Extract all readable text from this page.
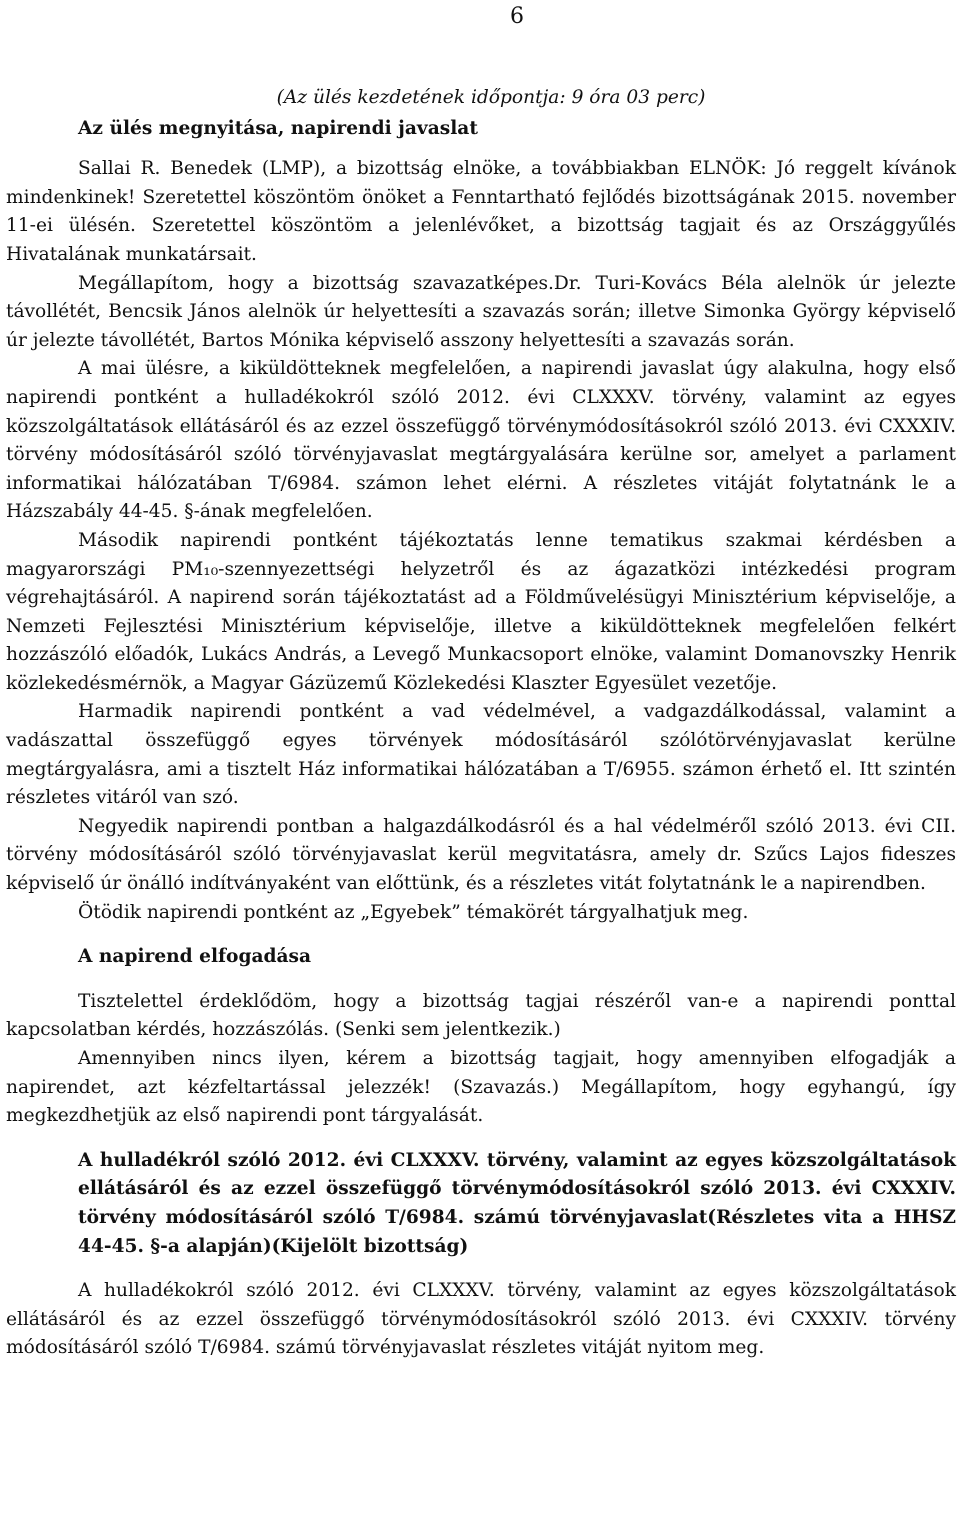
6

(Az ülés kezdetének időpontja: 9 óra 03 perc)

Az ülés megnyitása, napirendi javaslat

Sallai R. Benedek (LMP), a bizottság elnöke, a továbbiakban ELNÖK: Jó reggelt kívánok mindenkinek! Szeretettel köszöntöm önöket a Fenntartható fejlődés bizottságának 2015. november 11-ei ülésén. Szeretettel köszöntöm a jelenlévőket, a bizottság tagjait és az Országgyűlés Hivatalának munkatársait.

Megállapítom, hogy a bizottság szavazatképes.Dr. Turi-Kovács Béla alelnök úr jelezte távollétét, Bencsik János alelnök úr helyettesíti a szavazás során; illetve Simonka György képviselő úr jelezte távollétét, Bartos Mónika képviselő asszony helyettesíti a szavazás során.

A mai ülésre, a kiküldötteknek megfelelően, a napirendi javaslat úgy alakulna, hogy első napirendi pontként a hulladékokról szóló 2012. évi CLXXXV. törvény, valamint az egyes közszolgáltatások ellátásáról és az ezzel összefüggő törvénymódosításokról szóló 2013. évi CXXXIV. törvény módosításáról szóló törvényjavaslat megtárgyalására kerülne sor, amelyet a parlament informatikai hálózatában T/6984. számon lehet elérni. A részletes vitáját folytatnánk le a Házszabály 44-45. §-ának megfelelően.

Második napirendi pontként tájékoztatás lenne tematikus szakmai kérdésben a magyarországi PM₁₀-szennyezettségi helyzetről és az ágazatközi intézkedési program végrehajtásáról. A napirend során tájékoztatást ad a Földművelésügyi Minisztérium képviselője, a Nemzeti Fejlesztési Minisztérium képviselője, illetve a kiküldötteknek megfelelően felkért hozzászóló előadók, Lukács András, a Levegő Munkacsoport elnöke, valamint Domanovszky Henrik közlekedésmérnök, a Magyar Gázüzemű Közlekedési Klaszter Egyesület vezetője.

Harmadik napirendi pontként a vad védelmével, a vadgazdálkodással, valamint a vadászattal összefüggő egyes törvények módosításáról szólótörvényjavaslat kerülne megtárgyalásra, ami a tisztelt Ház informatikai hálózatában a T/6955. számon érhető el. Itt szintén részletes vitáról van szó.

Negyedik napirendi pontban a halgazdálkodásról és a hal védelméről szóló 2013. évi CII. törvény módosításáról szóló törvényjavaslat kerül megvitatásra, amely dr. Szűcs Lajos fideszes képviselő úr önálló indítványaként van előttünk, és a részletes vitát folytatnánk le a napirendben.

Ötödik napirendi pontként az „Egyebek” témakörét tárgyalhatjuk meg.

A napirend elfogadása

Tisztelettel érdeklődöm, hogy a bizottság tagjai részéről van-e a napirendi ponttal kapcsolatban kérdés, hozzászólás. (Senki sem jelentkezik.)

Amennyiben nincs ilyen, kérem a bizottság tagjait, hogy amennyiben elfogadják a napirendet, azt kézfeltartással jelezzék! (Szavazás.) Megállapítom, hogy egyhangú, így megkezdhetjük az első napirendi pont tárgyalását.

A hulladékról szóló 2012. évi CLXXXV. törvény, valamint az egyes közszolgáltatások ellátásáról és az ezzel összefüggő törvénymódosításokról szóló 2013. évi CXXXIV. törvény módosításáról szóló T/6984. számú törvényjavaslat(Részletes vita a HHSZ 44-45. §-a alapján)(Kijelölt bizottság)

A hulladékokról szóló 2012. évi CLXXXV. törvény, valamint az egyes közszolgáltatások ellátásáról és az ezzel összefüggő törvénymódosításokról szóló 2013. évi CXXXIV. törvény módosításáról szóló T/6984. számú törvényjavaslat részletes vitáját nyitom meg.
